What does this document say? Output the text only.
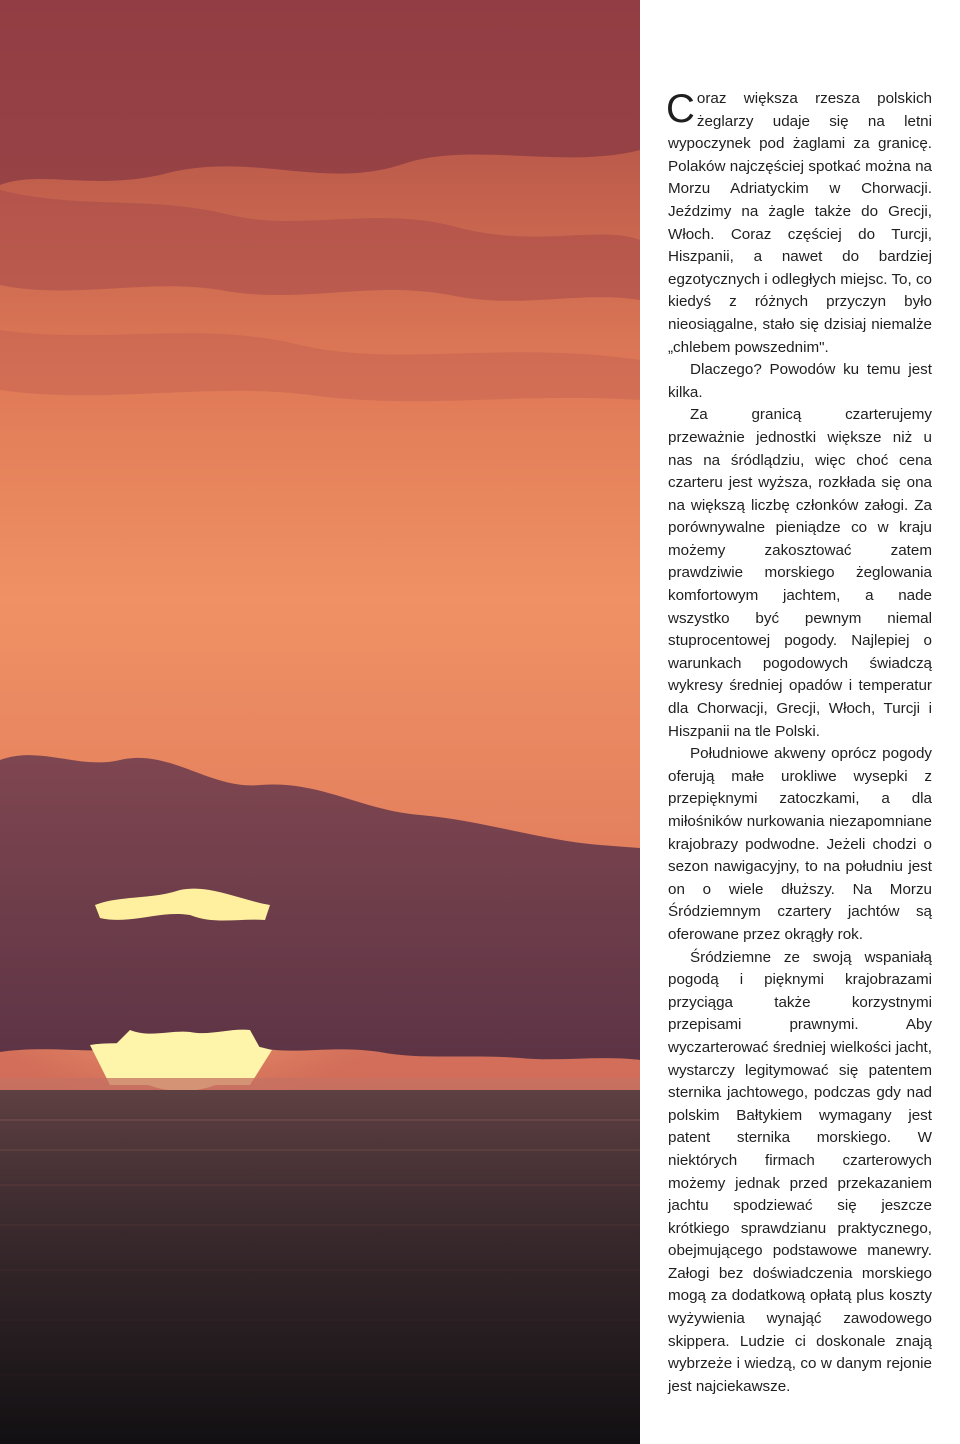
Coraz większa rzesza polskich żeglarzy udaje się na letni wypoczynek pod żaglami za granicę. Polaków najczęściej spotkać można na Morzu Adriatyckim w Chorwacji. Jeździmy na żagle także do Grecji, Włoch. Coraz częściej do Turcji, Hiszpanii, a nawet do bardziej egzotycznych i odległych miejsc. To, co kiedyś z różnych przyczyn było nieosiągalne, stało się dzisiaj niemalże „chlebem powszednim".

Dlaczego? Powodów ku temu jest kilka.

Za granicą czarterujemy przeważnie jednostki większe niż u nas na śródlądziu, więc choć cena czarteru jest wyższa, rozkłada się ona na większą liczbę członków załogi. Za porównywalne pieniądze co w kraju możemy zakosztować zatem prawdziwie morskiego żeglowania komfortowym jachtem, a nade wszystko być pewnym niemal stuprocentowej pogody. Najlepiej o warunkach pogodowych świadczą wykresy średniej opadów i temperatur dla Chorwacji, Grecji, Włoch, Turcji i Hiszpanii na tle Polski.

Południowe akweny oprócz pogody oferują małe urokliwe wysepki z przepięknymi zatoczkami, a dla miłośników nurkowania niezapomniane krajobrazy podwodne. Jeżeli chodzi o sezon nawigacyjny, to na południu jest on o wiele dłuższy. Na Morzu Śródziemnym czartery jachtów są oferowane przez okrągły rok.

Śródziemne ze swoją wspaniałą pogodą i pięknymi krajobrazami przyciąga także korzystnymi przepisami prawnymi. Aby wyczarterować średniej wielkości jacht, wystarczy legitymować się patentem sternika jachtowego, podczas gdy nad polskim Bałtykiem wymagany jest patent sternika morskiego. W niektórych firmach czarterowych możemy jednak przed przekazaniem jachtu spodziewać się jeszcze krótkiego sprawdzianu praktycznego, obejmującego podstawowe manewry. Załogi bez doświadczenia morskiego mogą za dodatkową opłatą plus koszty wyżywienia wynająć zawodowego skippera. Ludzie ci doskonale znają wybrzeże i wiedzą, co w danym rejonie jest najciekawsze.
